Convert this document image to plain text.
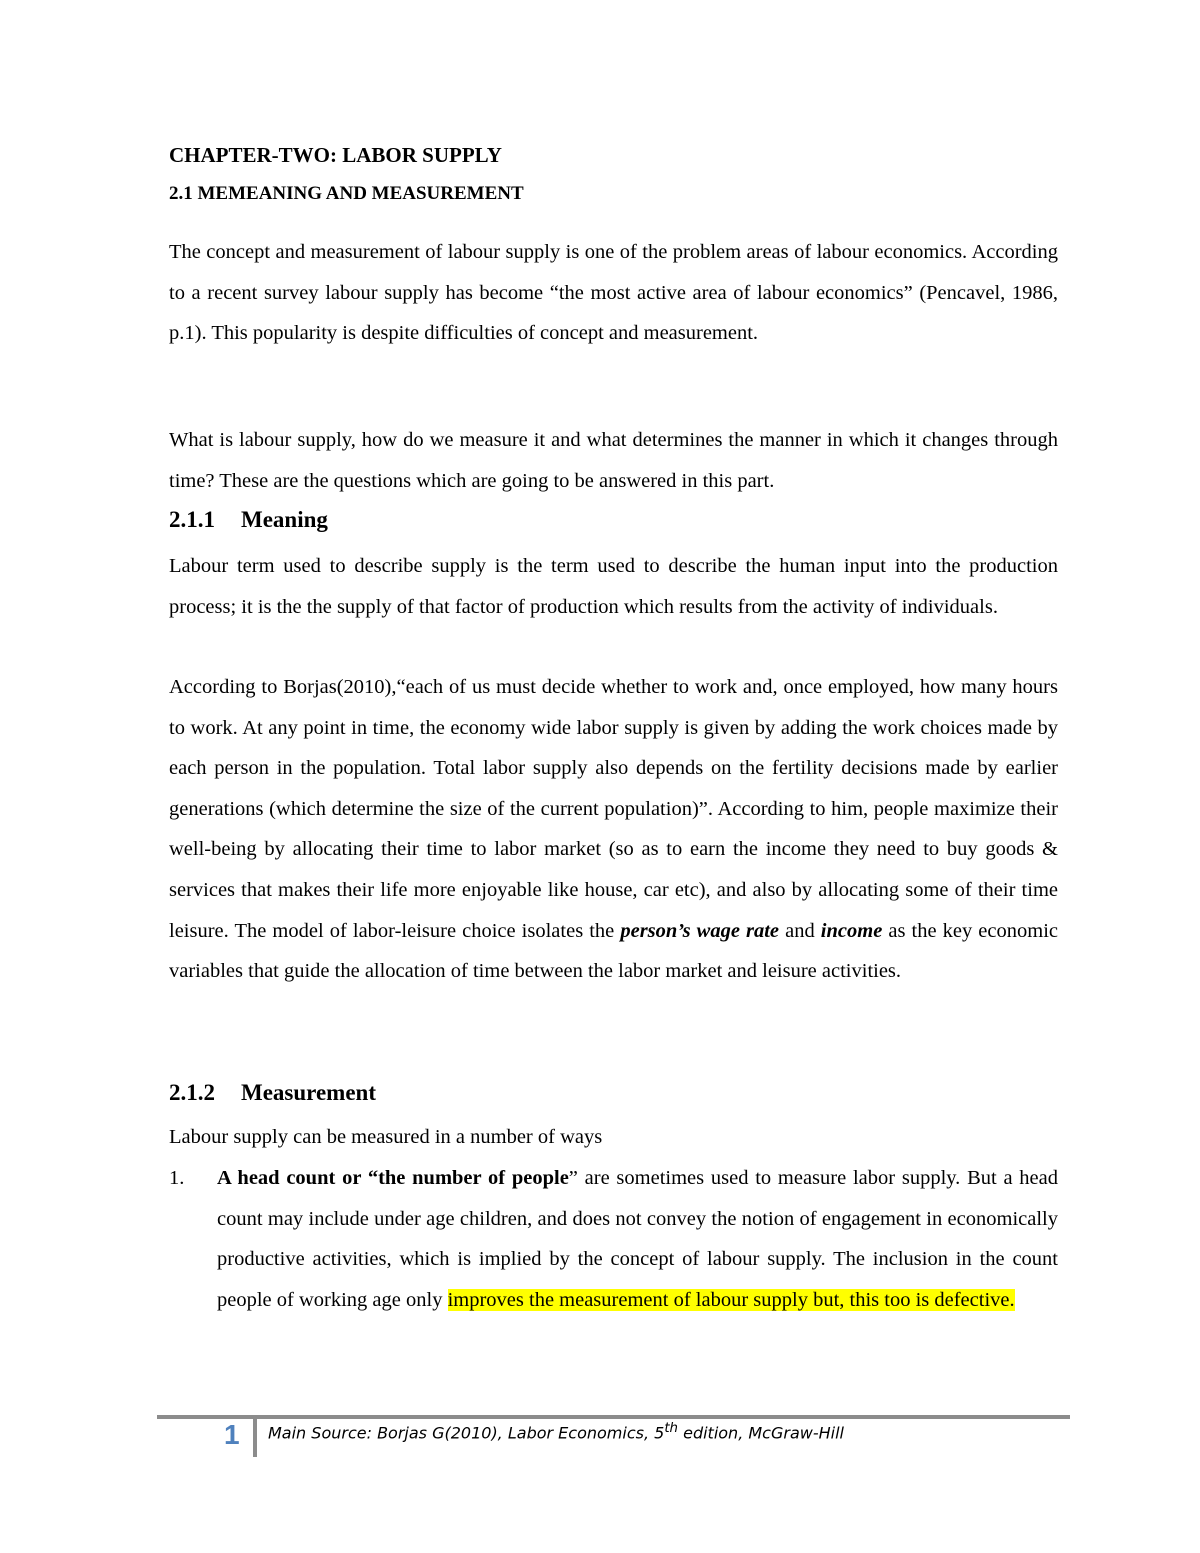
CHAPTER-TWO: LABOR SUPPLY
2.1 MEMEANING AND MEASUREMENT

The concept and measurement of labour supply is one of the problem areas of labour economics. According to a recent survey labour supply has become “the most active area of labour economics” (Pencavel, 1986, p.1). This popularity is despite difficulties of concept and measurement.

What is labour supply, how do we measure it and what determines the manner in which it changes through time? These are the questions which are going to be answered in this part.

2.1.1 Meaning

Labour term used to describe supply is the term used to describe the human input into the production process; it is the the supply of that factor of production which results from the activity of individuals.

According to Borjas(2010),“each of us must decide whether to work and, once employed, how many hours to work. At any point in time, the economy wide labor supply is given by adding the work choices made by each person in the population. Total labor supply also depends on the fertility decisions made by earlier generations (which determine the size of the current population)”. According to him, people maximize their well-being by allocating their time to labor market (so as to earn the income they need to buy goods & services that makes their life more enjoyable like house, car etc), and also by allocating some of their time leisure. The model of labor-leisure choice isolates the person’s wage rate and income as the key economic variables that guide the allocation of time between the labor market and leisure activities.

2.1.2 Measurement

Labour supply can be measured in a number of ways

1. A head count or “the number of people” are sometimes used to measure labor supply. But a head count may include under age children, and does not convey the notion of engagement in economically productive activities, which is implied by the concept of labour supply. The inclusion in the count people of working age only improves the measurement of labour supply but, this too is defective.
1 Main Source: Borjas G(2010), Labor Economics, 5th edition, McGraw-Hill
